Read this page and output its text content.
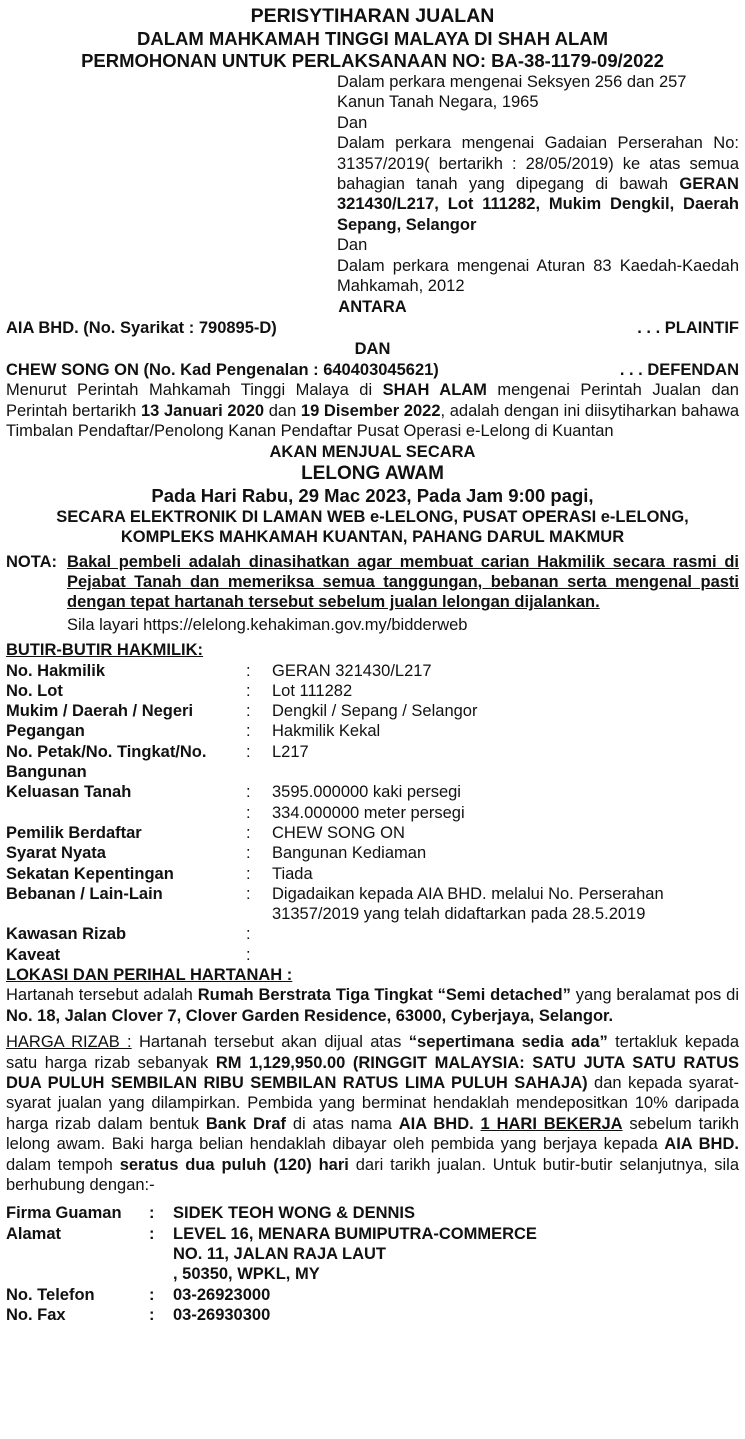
PERISYTIHARAN JUALAN
DALAM MAHKAMAH TINGGI MALAYA DI SHAH ALAM
PERMOHONAN UNTUK PERLAKSANAAN NO: BA-38-1179-09/2022
Dalam perkara mengenai Seksyen 256 dan 257
Kanun Tanah Negara, 1965
Dan
Dalam perkara mengenai Gadaian Perserahan No: 31357/2019( bertarikh : 28/05/2019) ke atas semua bahagian tanah yang dipegang di bawah GERAN 321430/L217, Lot 111282, Mukim Dengkil, Daerah Sepang, Selangor
Dan
Dalam perkara mengenai Aturan 83 Kaedah-Kaedah Mahkamah, 2012
ANTARA
AIA BHD. (No. Syarikat : 790895-D)	. . . PLAINTIF
DAN
CHEW SONG ON (No. Kad Pengenalan : 640403045621)	. . . DEFENDAN
Menurut Perintah Mahkamah Tinggi Malaya di SHAH ALAM mengenai Perintah Jualan dan Perintah bertarikh 13 Januari 2020 dan 19 Disember 2022, adalah dengan ini diisytiharkan bahawa Timbalan Pendaftar/Penolong Kanan Pendaftar Pusat Operasi e-Lelong di Kuantan
AKAN MENJUAL SECARA
LELONG AWAM
Pada Hari Rabu, 29 Mac 2023, Pada Jam 9:00 pagi,
SECARA ELEKTRONIK DI LAMAN WEB e-LELONG, PUSAT OPERASI e-LELONG,
KOMPLEKS MAHKAMAH KUANTAN, PAHANG DARUL MAKMUR
NOTA: Bakal pembeli adalah dinasihatkan agar membuat carian Hakmilik secara rasmi di Pejabat Tanah dan memeriksa semua tanggungan, bebanan serta mengenal pasti dengan tepat hartanah tersebut sebelum jualan lelongan dijalankan.
Sila layari https://elelong.kehakiman.gov.my/bidderweb
BUTIR-BUTIR HAKMILIK:
No. Hakmilik	:	GERAN 321430/L217
No. Lot	:	Lot 111282
Mukim / Daerah / Negeri	:	Dengkil / Sepang / Selangor
Pegangan	:	Hakmilik Kekal
No. Petak/No. Tingkat/No. Bangunan	:	L217
Keluasan Tanah	:	3595.000000 kaki persegi
	:	334.000000 meter persegi
Pemilik Berdaftar	:	CHEW SONG ON
Syarat Nyata	:	Bangunan Kediaman
Sekatan Kepentingan	:	Tiada
Bebanan / Lain-Lain	:	Digadaikan kepada AIA BHD. melalui No. Perserahan 31357/2019 yang telah didaftarkan pada 28.5.2019
Kawasan Rizab	:	
Kaveat	:	
LOKASI DAN PERIHAL HARTANAH :
Hartanah tersebut adalah Rumah Berstrata Tiga Tingkat “Semi detached” yang beralamat pos di No. 18, Jalan Clover 7, Clover Garden Residence, 63000, Cyberjaya, Selangor.
HARGA RIZAB : Hartanah tersebut akan dijual atas “sepertimana sedia ada” tertakluk kepada satu harga rizab sebanyak RM 1,129,950.00 (RINGGIT MALAYSIA: SATU JUTA SATU RATUS DUA PULUH SEMBILAN RIBU SEMBILAN RATUS LIMA PULUH SAHAJA) dan kepada syarat-syarat jualan yang dilampirkan. Pembida yang berminat hendaklah mendepositkan 10% daripada harga rizab dalam bentuk Bank Draf di atas nama AIA BHD. 1 HARI BEKERJA sebelum tarikh lelong awam. Baki harga belian hendaklah dibayar oleh pembida yang berjaya kepada AIA BHD. dalam tempoh seratus dua puluh (120) hari dari tarikh jualan. Untuk butir-butir selanjutnya, sila berhubung dengan:-
Firma Guaman	:	SIDEK TEOH WONG & DENNIS
Alamat	:	LEVEL 16, MENARA BUMIPUTRA-COMMERCE
NO. 11, JALAN RAJA LAUT
, 50350, WPKL, MY

No. Telefon	:	03-26923000
No. Fax	:	03-26930300
